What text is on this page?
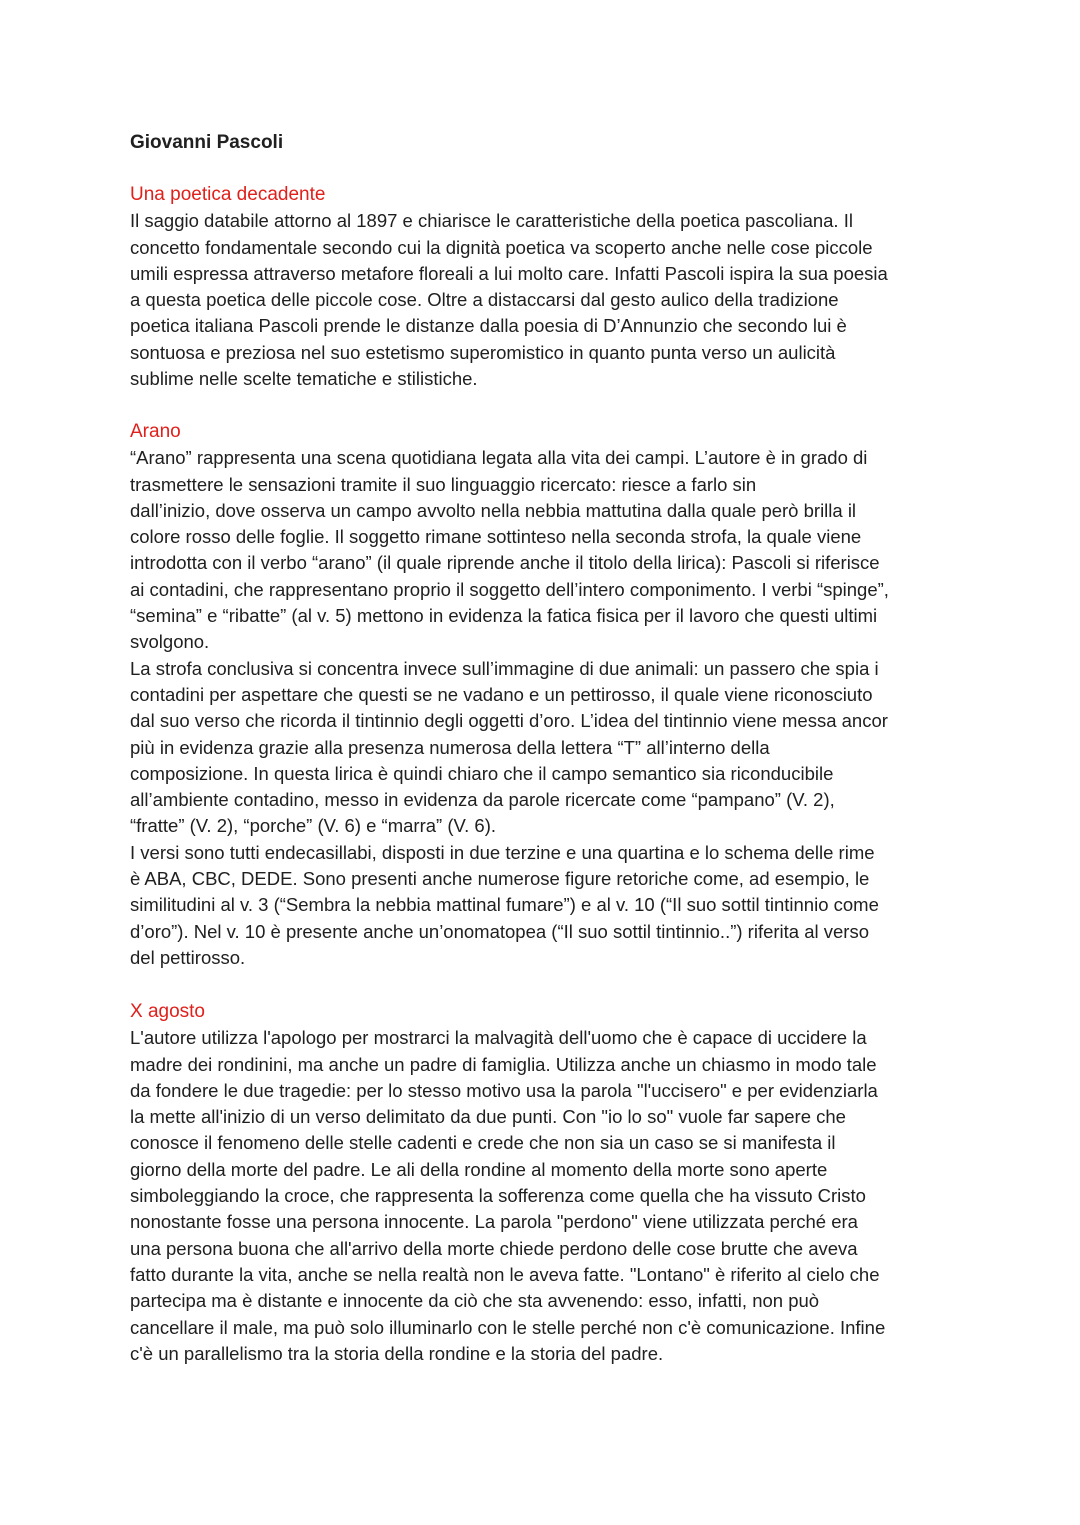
Giovanni Pascoli
Una poetica decadente

Il saggio databile attorno al 1897 e chiarisce le caratteristiche della poetica pascoliana. Il
concetto fondamentale secondo cui la dignità poetica va scoperto anche nelle cose piccole
umili espressa attraverso metafore floreali a lui molto care. Infatti Pascoli ispira la sua poesia
a questa poetica delle piccole cose. Oltre a distaccarsi dal gesto aulico della tradizione
poetica italiana Pascoli prende le distanze dalla poesia di D’Annunzio che secondo lui è
sontuosa e preziosa nel suo estetismo superomistico in quanto punta verso un aulicità
sublime nelle scelte tematiche e stilistiche.

Arano

“Arano” rappresenta una scena quotidiana legata alla vita dei campi. L’autore è in grado di
trasmettere le sensazioni tramite il suo linguaggio ricercato: riesce a farlo sin
dall’inizio, dove osserva un campo avvolto nella nebbia mattutina dalla quale però brilla il
colore rosso delle foglie. Il soggetto rimane sottinteso nella seconda strofa, la quale viene
introdotta con il verbo “arano” (il quale riprende anche il titolo della lirica): Pascoli si riferisce
ai contadini, che rappresentano proprio il soggetto dell’intero componimento. I verbi “spinge”,
“semina” e “ribatte” (al v. 5) mettono in evidenza la fatica fisica per il lavoro che questi ultimi
svolgono.

La strofa conclusiva si concentra invece sull’immagine di due animali: un passero che spia i
contadini per aspettare che questi se ne vadano e un pettirosso, il quale viene riconosciuto
dal suo verso che ricorda il tintinnio degli oggetti d’oro. L’idea del tintinnio viene messa ancor
più in evidenza grazie alla presenza numerosa della lettera “T” all’interno della
composizione. In questa lirica è quindi chiaro che il campo semantico sia riconducibile
all’ambiente contadino, messo in evidenza da parole ricercate come “pampano” (V. 2),
“fratte” (V. 2), “porche” (V. 6) e “marra” (V. 6).

I versi sono tutti endecasillabi, disposti in due terzine e una quartina e lo schema delle rime
è ABA, CBC, DEDE. Sono presenti anche numerose figure retoriche come, ad esempio, le
similitudini al v. 3 (“Sembra la nebbia mattinal fumare”) e al v. 10 (“Il suo sottil tintinnio come
d’oro”). Nel v. 10 è presente anche un’onomatopea (“Il suo sottil tintinnio..”) riferita al verso
del pettirosso.

X agosto

L'autore utilizza l'apologo per mostrarci la malvagità dell'uomo che è capace di uccidere la
madre dei rondinini, ma anche un padre di famiglia. Utilizza anche un chiasmo in modo tale
da fondere le due tragedie: per lo stesso motivo usa la parola "l'uccisero" e per evidenziarla
la mette all'inizio di un verso delimitato da due punti. Con "io lo so" vuole far sapere che
conosce il fenomeno delle stelle cadenti e crede che non sia un caso se si manifesta il
giorno della morte del padre. Le ali della rondine al momento della morte sono aperte
simboleggiando la croce, che rappresenta la sofferenza come quella che ha vissuto Cristo
nonostante fosse una persona innocente. La parola "perdono" viene utilizzata perché era
una persona buona che all'arrivo della morte chiede perdono delle cose brutte che aveva
fatto durante la vita, anche se nella realtà non le aveva fatte. "Lontano" è riferito al cielo che
partecipa ma è distante e innocente da ciò che sta avvenendo: esso, infatti, non può
cancellare il male, ma può solo illuminarlo con le stelle perché non c'è comunicazione. Infine
c'è un parallelismo tra la storia della rondine e la storia del padre.
